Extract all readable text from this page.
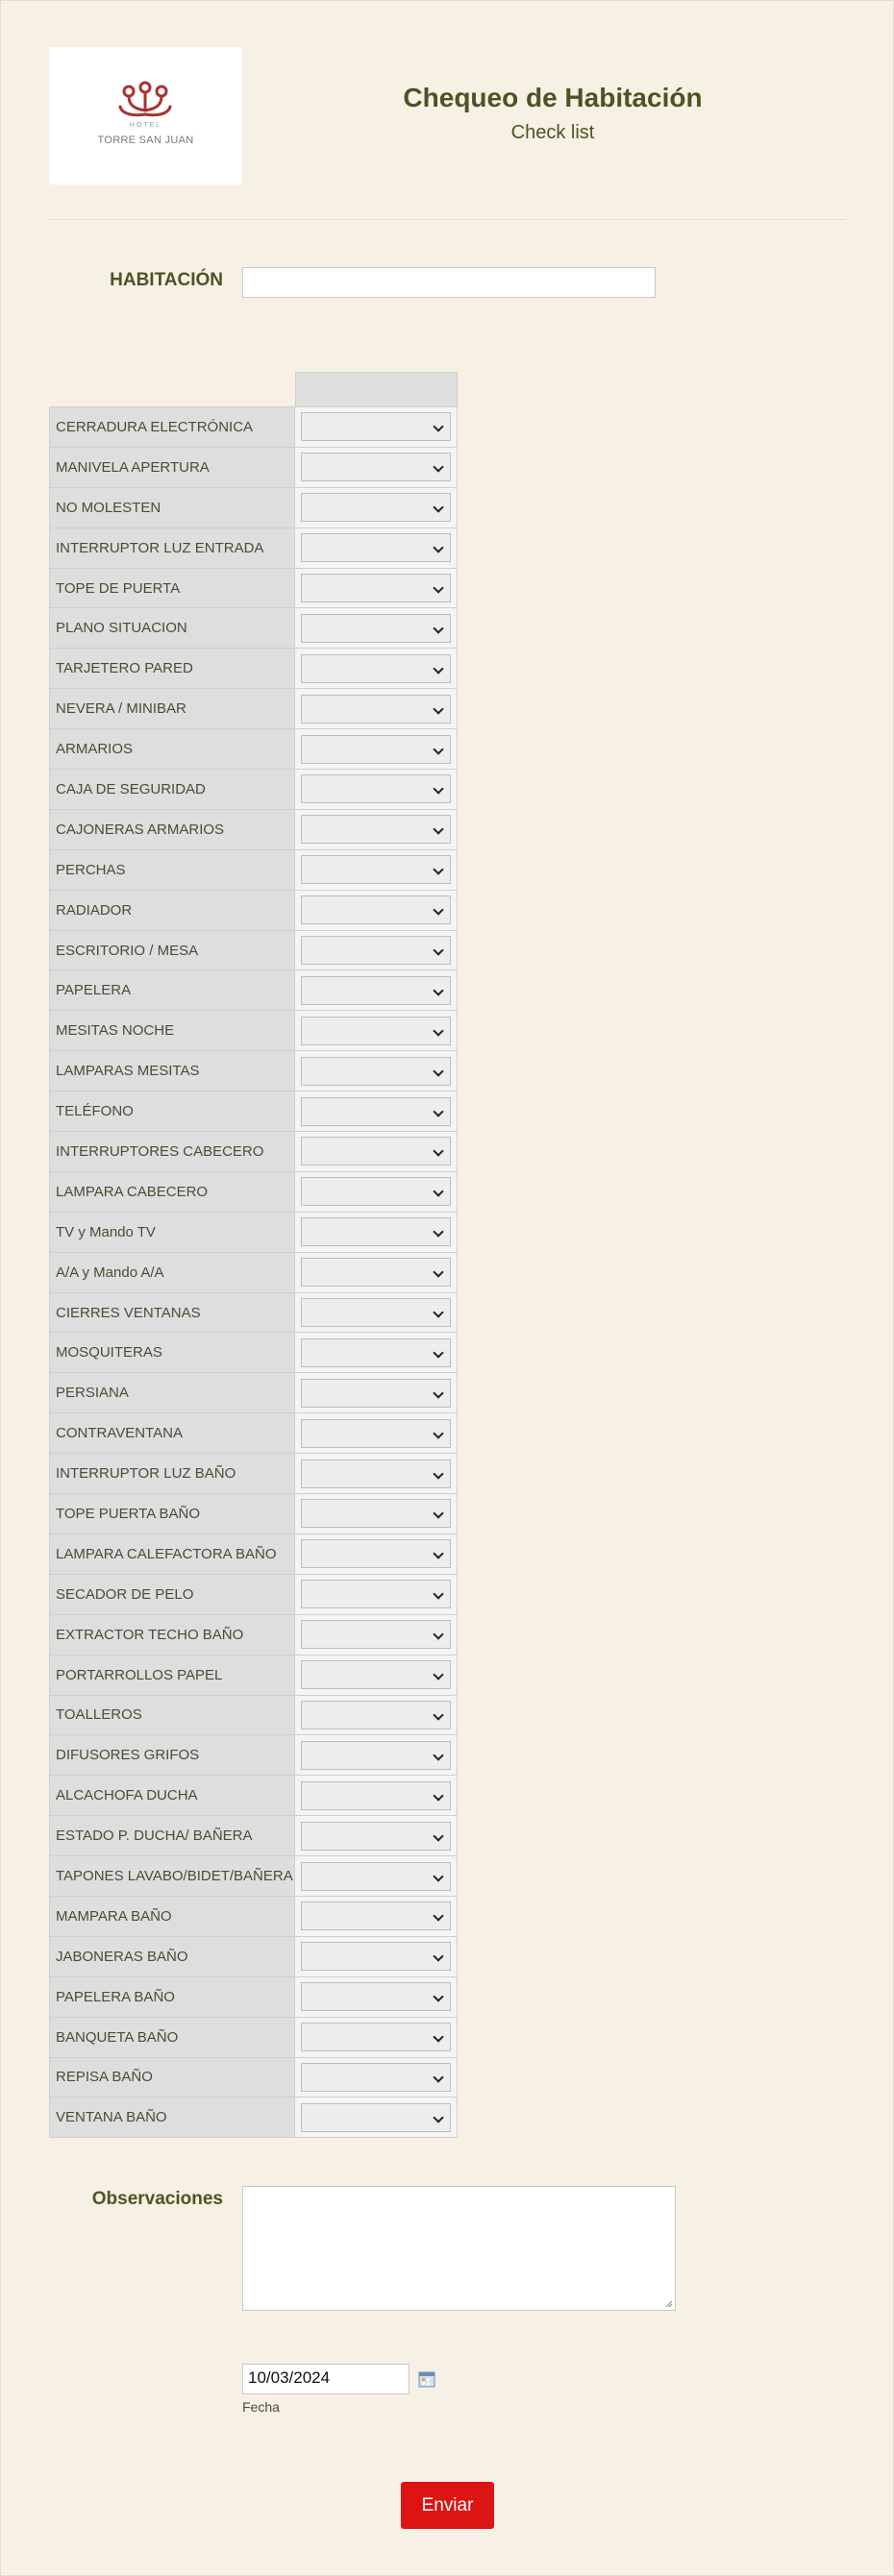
HOTEL
TORRE SAN JUAN
Chequeo de Habitación
Check list
HABITACIÓN
CERRADURA ELECTRÓNICA
MANIVELA APERTURA
NO MOLESTEN
INTERRUPTOR LUZ ENTRADA
TOPE DE PUERTA
PLANO SITUACION
TARJETERO PARED
NEVERA / MINIBAR
ARMARIOS
CAJA DE SEGURIDAD
CAJONERAS ARMARIOS
PERCHAS
RADIADOR
ESCRITORIO / MESA
PAPELERA
MESITAS NOCHE
LAMPARAS MESITAS
TELÉFONO
INTERRUPTORES CABECERO
LAMPARA CABECERO
TV y Mando TV
A/A y Mando A/A
CIERRES VENTANAS
MOSQUITERAS
PERSIANA
CONTRAVENTANA
INTERRUPTOR LUZ BAÑO
TOPE PUERTA BAÑO
LAMPARA CALEFACTORA BAÑO
SECADOR DE PELO
EXTRACTOR TECHO BAÑO
PORTARROLLOS PAPEL
TOALLEROS
DIFUSORES GRIFOS
ALCACHOFA DUCHA
ESTADO P. DUCHA/ BAÑERA
TAPONES LAVABO/BIDET/BAÑERA
MAMPARA BAÑO
JABONERAS BAÑO
PAPELERA BAÑO
BANQUETA BAÑO
REPISA BAÑO
VENTANA BAÑO
Observaciones
10/03/2024
Fecha
Enviar
